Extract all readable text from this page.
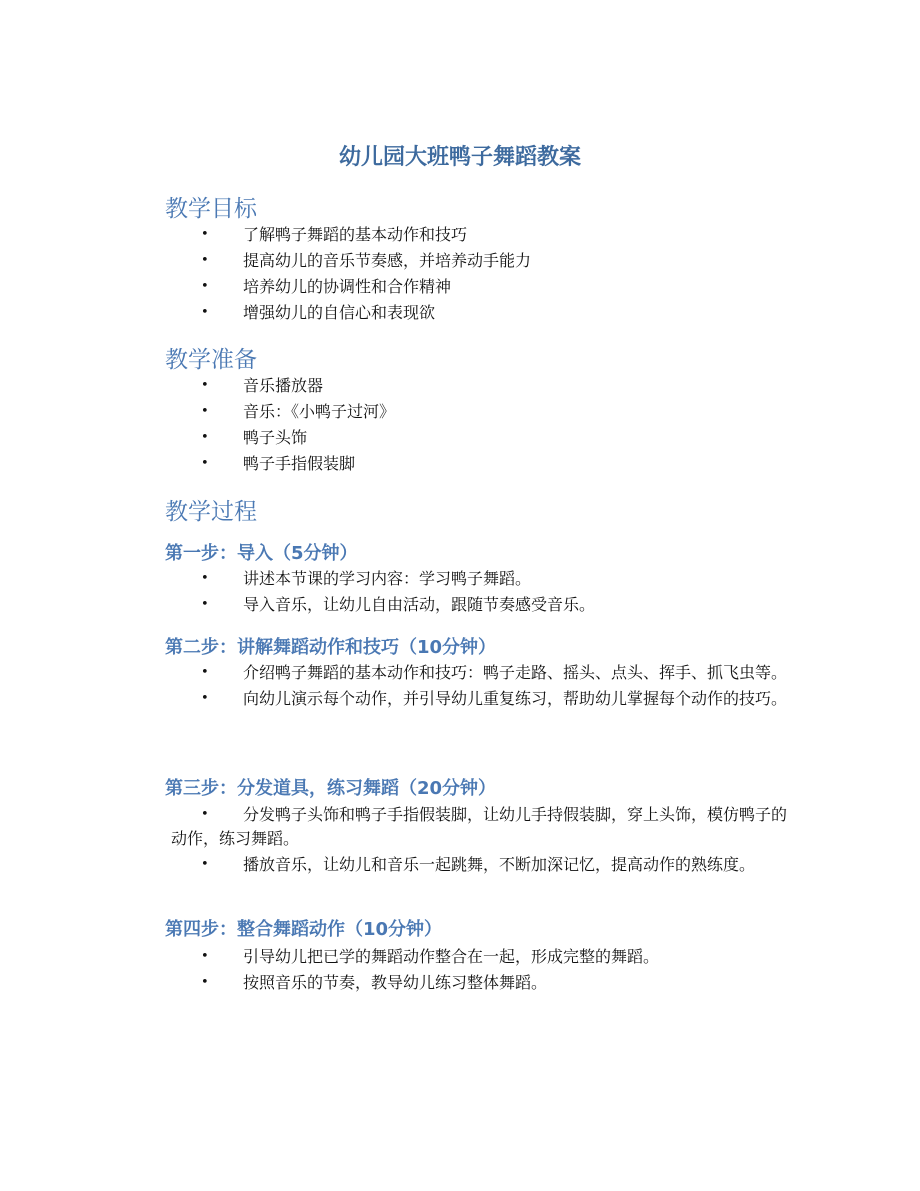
幼儿园大班鸭子舞蹈教案
教学目标
•	了解鸭子舞蹈的基本动作和技巧
•	提高幼儿的音乐节奏感，并培养动手能力
•	培养幼儿的协调性和合作精神
•	增强幼儿的自信心和表现欲
教学准备
•	音乐播放器
•	音乐：《小鸭子过河》
•	鸭子头饰
•	鸭子手指假装脚
教学过程
第一步：导入（5分钟）
•	讲述本节课的学习内容：学习鸭子舞蹈。
•	导入音乐，让幼儿自由活动，跟随节奏感受音乐。
第二步：讲解舞蹈动作和技巧（10分钟）
•	介绍鸭子舞蹈的基本动作和技巧：鸭子走路、摇头、点头、挥手、抓飞虫等。
•	向幼儿演示每个动作，并引导幼儿重复练习，帮助幼儿掌握每个动作的技巧。
第三步：分发道具，练习舞蹈（20分钟）
•	分发鸭子头饰和鸭子手指假装脚，让幼儿手持假装脚，穿上头饰，模仿鸭子的动作，练习舞蹈。
•	播放音乐，让幼儿和音乐一起跳舞，不断加深记忆，提高动作的熟练度。
第四步：整合舞蹈动作（10分钟）
•	引导幼儿把已学的舞蹈动作整合在一起，形成完整的舞蹈。
•	按照音乐的节奏，教导幼儿练习整体舞蹈。
